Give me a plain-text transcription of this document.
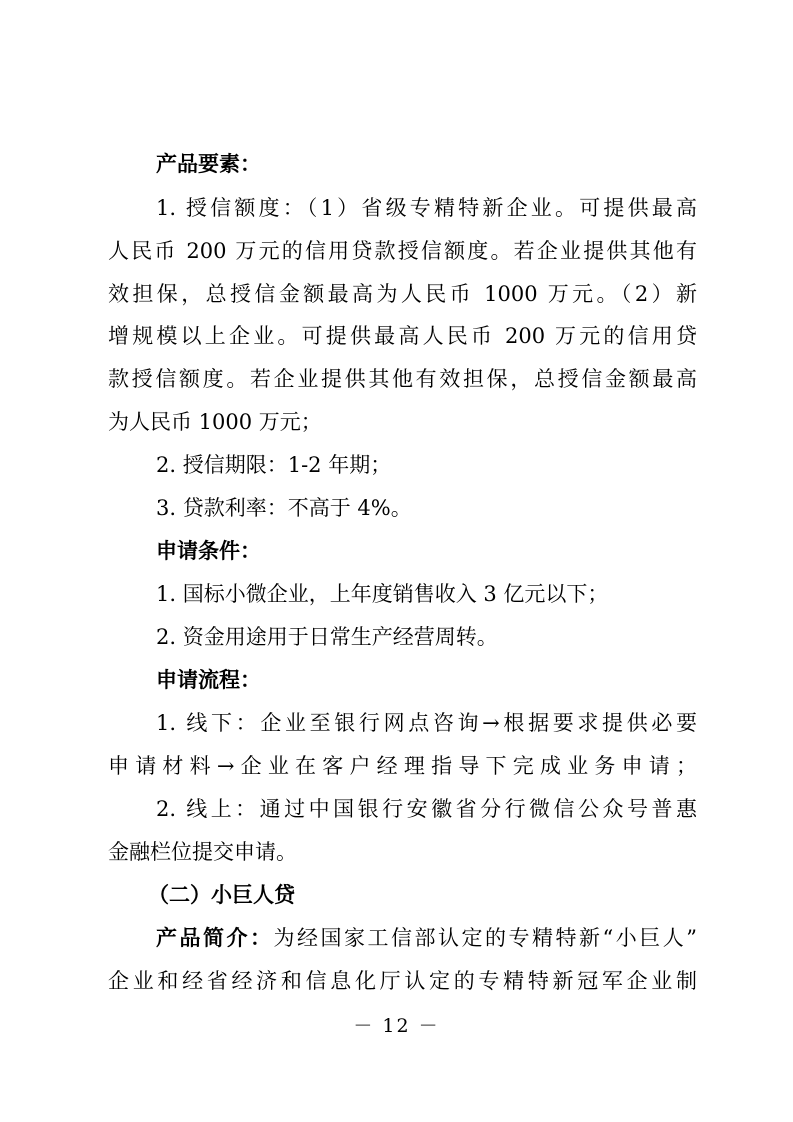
产品要素：
1. 授信额度：（1）省级专精特新企业。可提供最高
人民币 200 万元的信用贷款授信额度。若企业提供其他有
效担保，总授信金额最高为人民币 1000 万元。（2）新
增规模以上企业。可提供最高人民币 200 万元的信用贷
款授信额度。若企业提供其他有效担保，总授信金额最高
为人民币 1000 万元；
2. 授信期限：1-2 年期；
3. 贷款利率：不高于 4%。
申请条件：
1. 国标小微企业，上年度销售收入 3 亿元以下；
2. 资金用途用于日常生产经营周转。
申请流程：
1. 线下：企业至银行网点咨询→根据要求提供必要
申请材料→企业在客户经理指导下完成业务申请；
2. 线上：通过中国银行安徽省分行微信公众号普惠
金融栏位提交申请。
（二）小巨人贷
产品简介：为经国家工信部认定的专精特新“小巨人”
企业和经省经济和信息化厅认定的专精特新冠军企业制
－ 12 －
